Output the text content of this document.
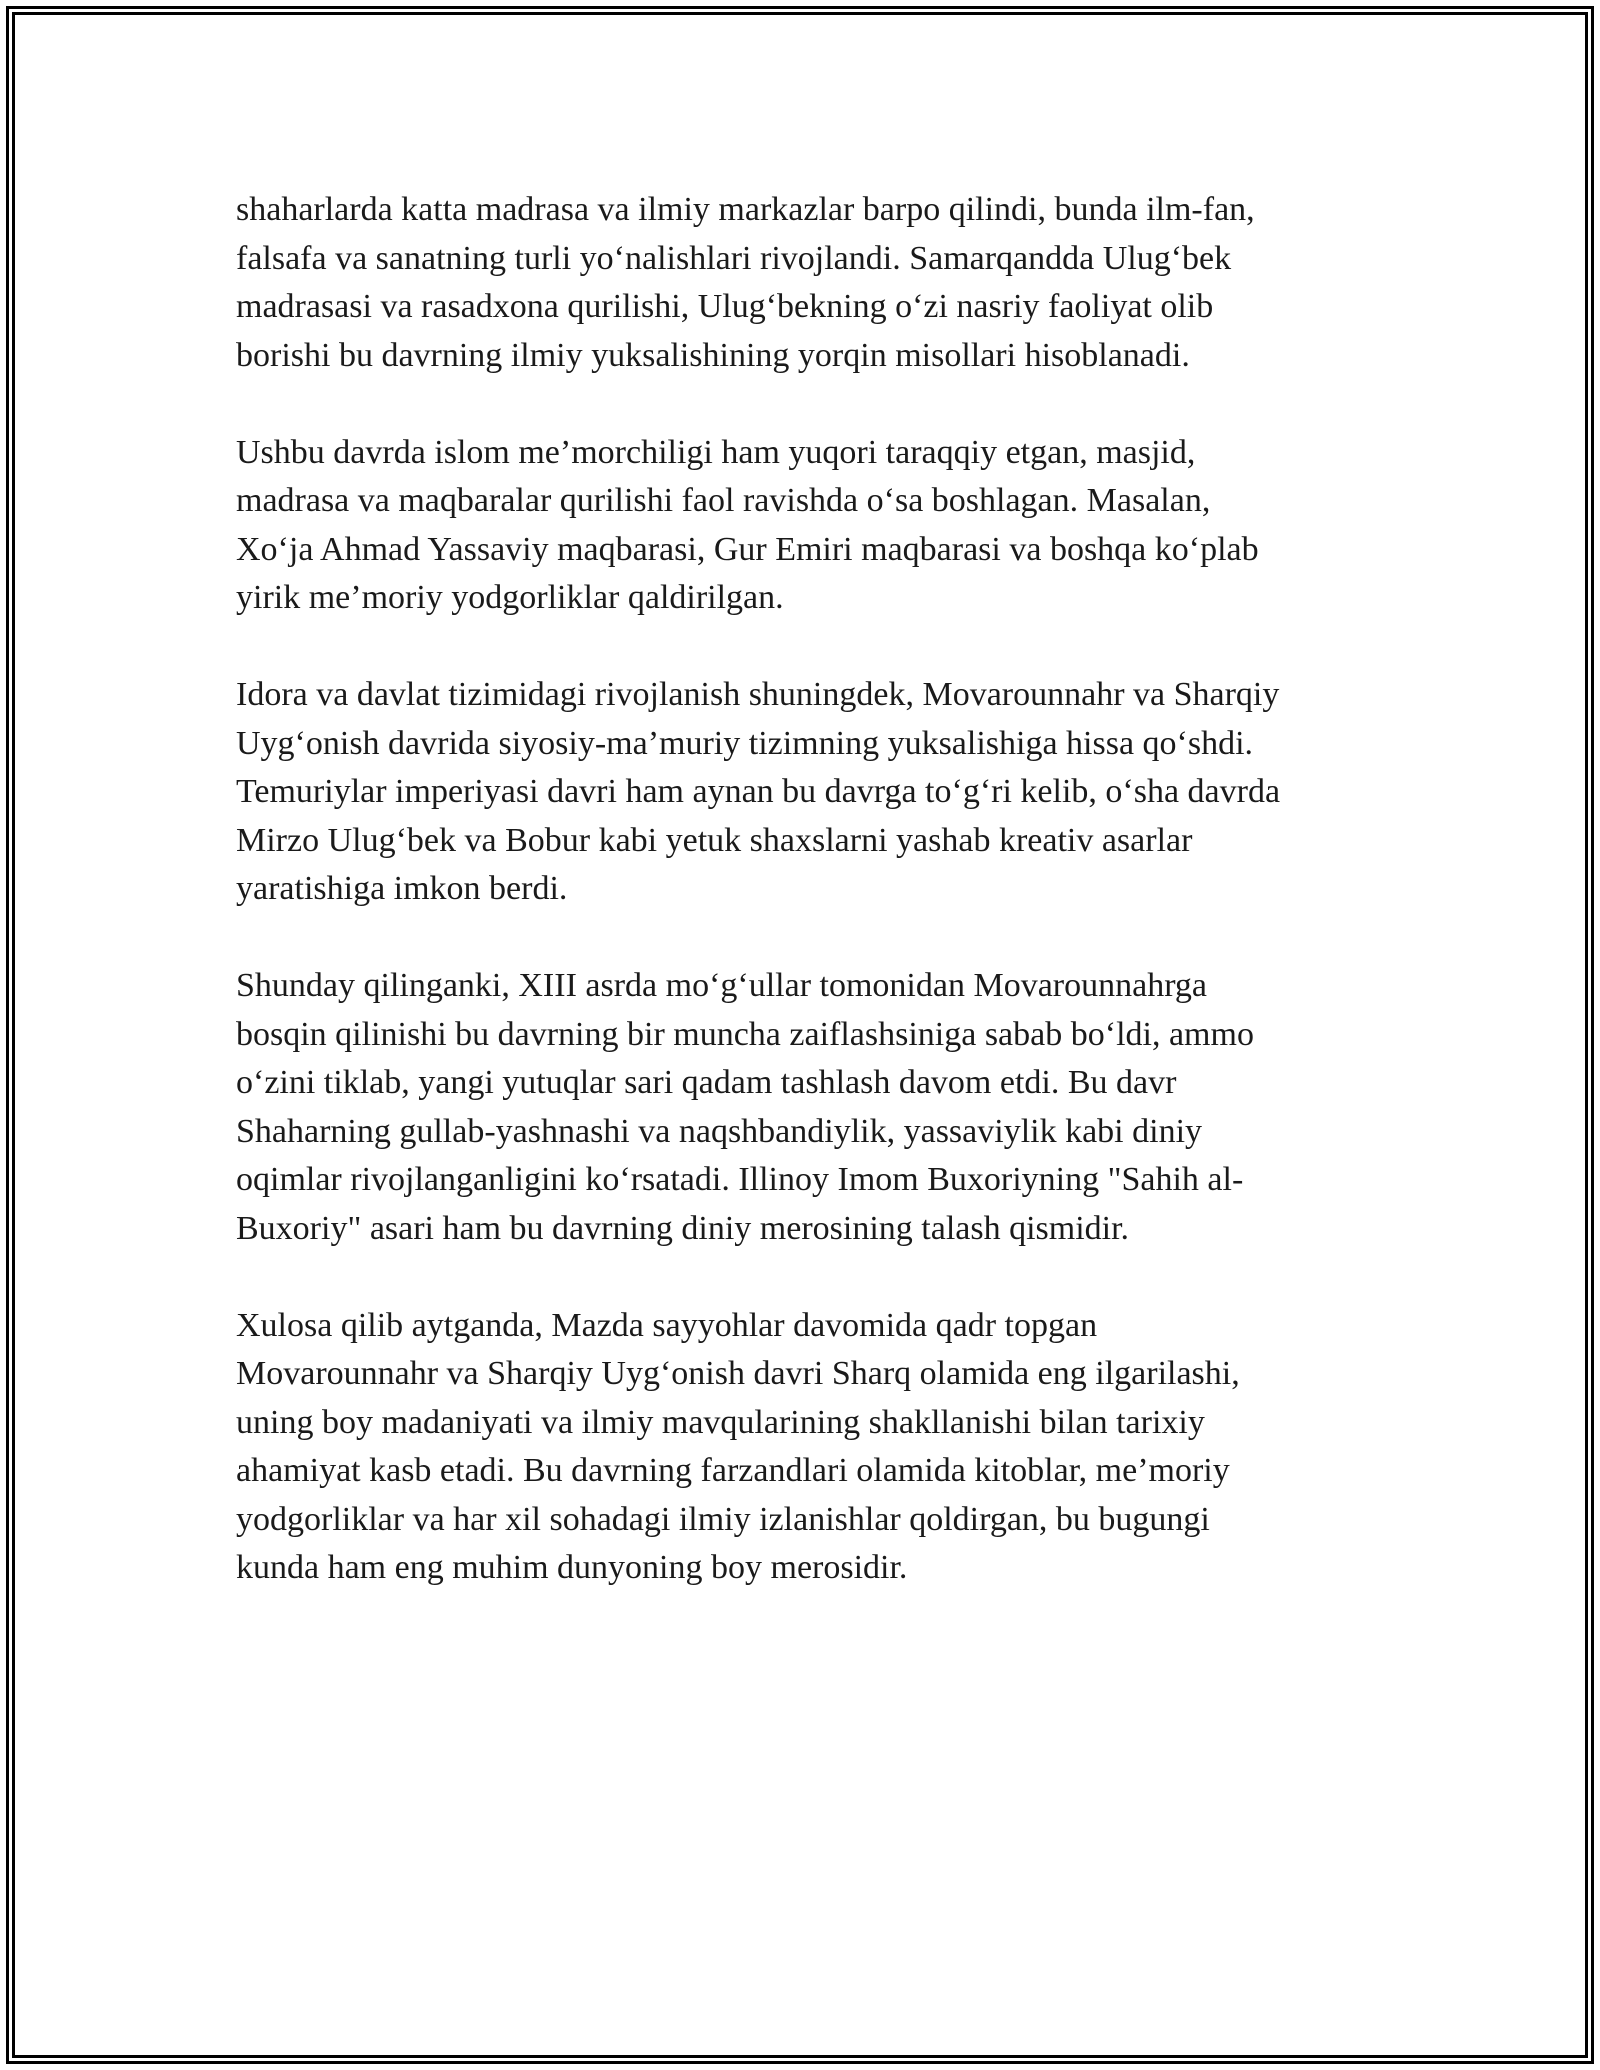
shaharlarda katta madrasa va ilmiy markazlar barpo qilindi, bunda ilm-fan,
falsafa va sanatning turli yo‘nalishlari rivojlandi. Samarqandda Ulug‘bek
madrasasi va rasadxona qurilishi, Ulug‘bekning o‘zi nasriy faoliyat olib
borishi bu davrning ilmiy yuksalishining yorqin misollari hisoblanadi.

Ushbu davrda islom me’morchiligi ham yuqori taraqqiy etgan, masjid,
madrasa va maqbaralar qurilishi faol ravishda o‘sa boshlagan. Masalan,
Xo‘ja Ahmad Yassaviy maqbarasi, Gur Emiri maqbarasi va boshqa ko‘plab
yirik me’moriy yodgorliklar qaldirilgan.

Idora va davlat tizimidagi rivojlanish shuningdek, Movarounnahr va Sharqiy
Uyg‘onish davrida siyosiy-ma’muriy tizimning yuksalishiga hissa qo‘shdi.
Temuriylar imperiyasi davri ham aynan bu davrga to‘g‘ri kelib, o‘sha davrda
Mirzo Ulug‘bek va Bobur kabi yetuk shaxslarni yashab kreativ asarlar
yaratishiga imkon berdi.

Shunday qilinganki, XIII asrda mo‘g‘ullar tomonidan Movarounnahrga
bosqin qilinishi bu davrning bir muncha zaiflashsiniga sabab bo‘ldi, ammo
o‘zini tiklab, yangi yutuqlar sari qadam tashlash davom etdi. Bu davr
Shaharning gullab-yashnashi va naqshbandiylik, yassaviylik kabi diniy
oqimlar rivojlanganligini ko‘rsatadi. Illinoy Imom Buxoriyning "Sahih al-
Buxoriy" asari ham bu davrning diniy merosining talash qismidir.

Xulosa qilib aytganda, Mazda sayyohlar davomida qadr topgan
Movarounnahr va Sharqiy Uyg‘onish davri Sharq olamida eng ilgarilashi,
uning boy madaniyati va ilmiy mavqularining shakllanishi bilan tarixiy
ahamiyat kasb etadi. Bu davrning farzandlari olamida kitoblar, me’moriy
yodgorliklar va har xil sohadagi ilmiy izlanishlar qoldirgan, bu bugungi
kunda ham eng muhim dunyoning boy merosidir.
